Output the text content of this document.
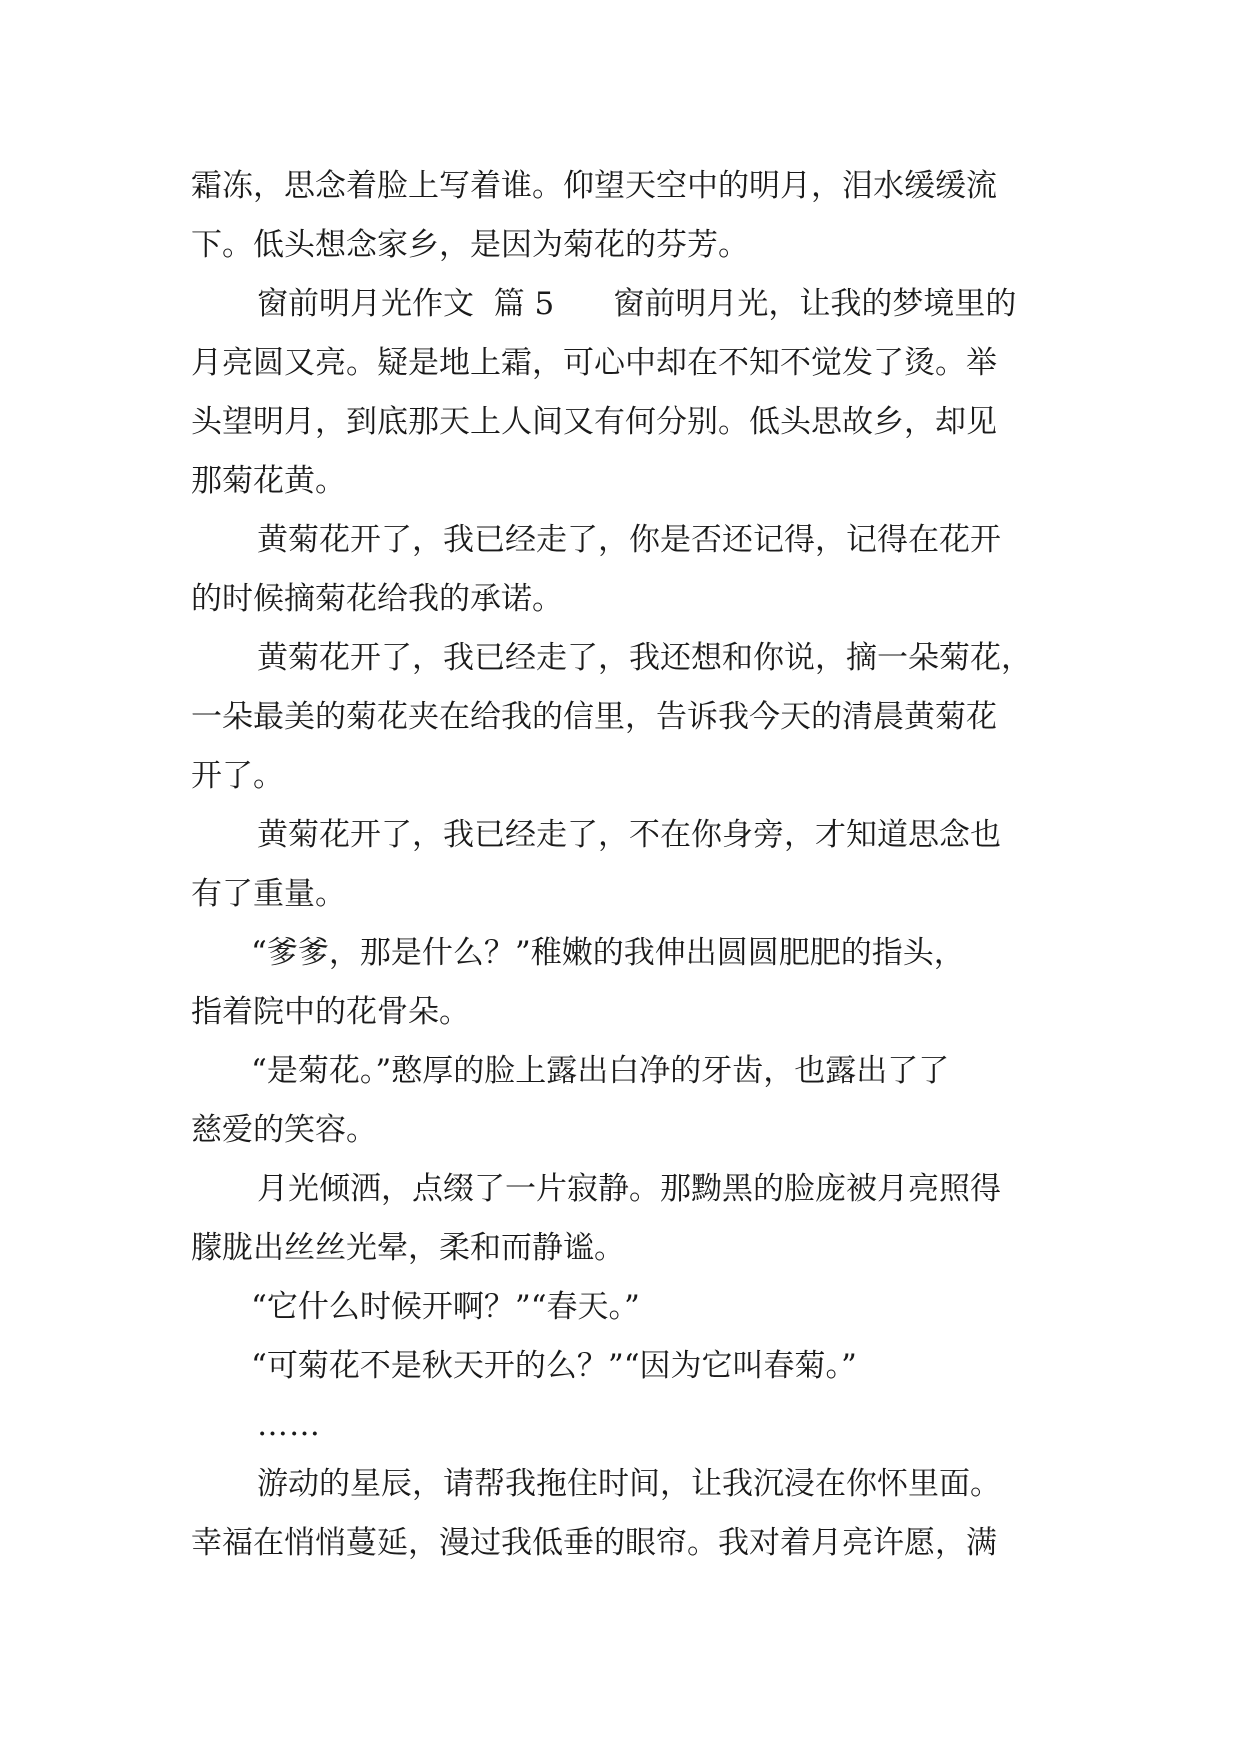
霜冻，思念着脸上写着谁。仰望天空中的明月，泪水缓缓流
下。低头想念家乡，是因为菊花的芬芳。
窗前明月光作文  篇 5      窗前明月光，让我的梦境里的
月亮圆又亮。疑是地上霜，可心中却在不知不觉发了烫。举
头望明月，到底那天上人间又有何分别。低头思故乡，却见
那菊花黄。
黄菊花开了，我已经走了，你是否还记得，记得在花开
的时候摘菊花给我的承诺。
黄菊花开了，我已经走了，我还想和你说，摘一朵菊花，
一朵最美的菊花夹在给我的信里，告诉我今天的清晨黄菊花
开了。
黄菊花开了，我已经走了，不在你身旁，才知道思念也
有了重量。
“爹爹，那是什么？”稚嫩的我伸出圆圆肥肥的指头，
指着院中的花骨朵。
“是菊花。”憨厚的脸上露出白净的牙齿，也露出了了
慈爱的笑容。
月光倾洒，点缀了一片寂静。那黝黑的脸庞被月亮照得
朦胧出丝丝光晕，柔和而静谧。
“它什么时候开啊？”“春天。”
“可菊花不是秋天开的么？”“因为它叫春菊。”
……
游动的星辰，请帮我拖住时间，让我沉浸在你怀里面。
幸福在悄悄蔓延，漫过我低垂的眼帘。我对着月亮许愿，满
